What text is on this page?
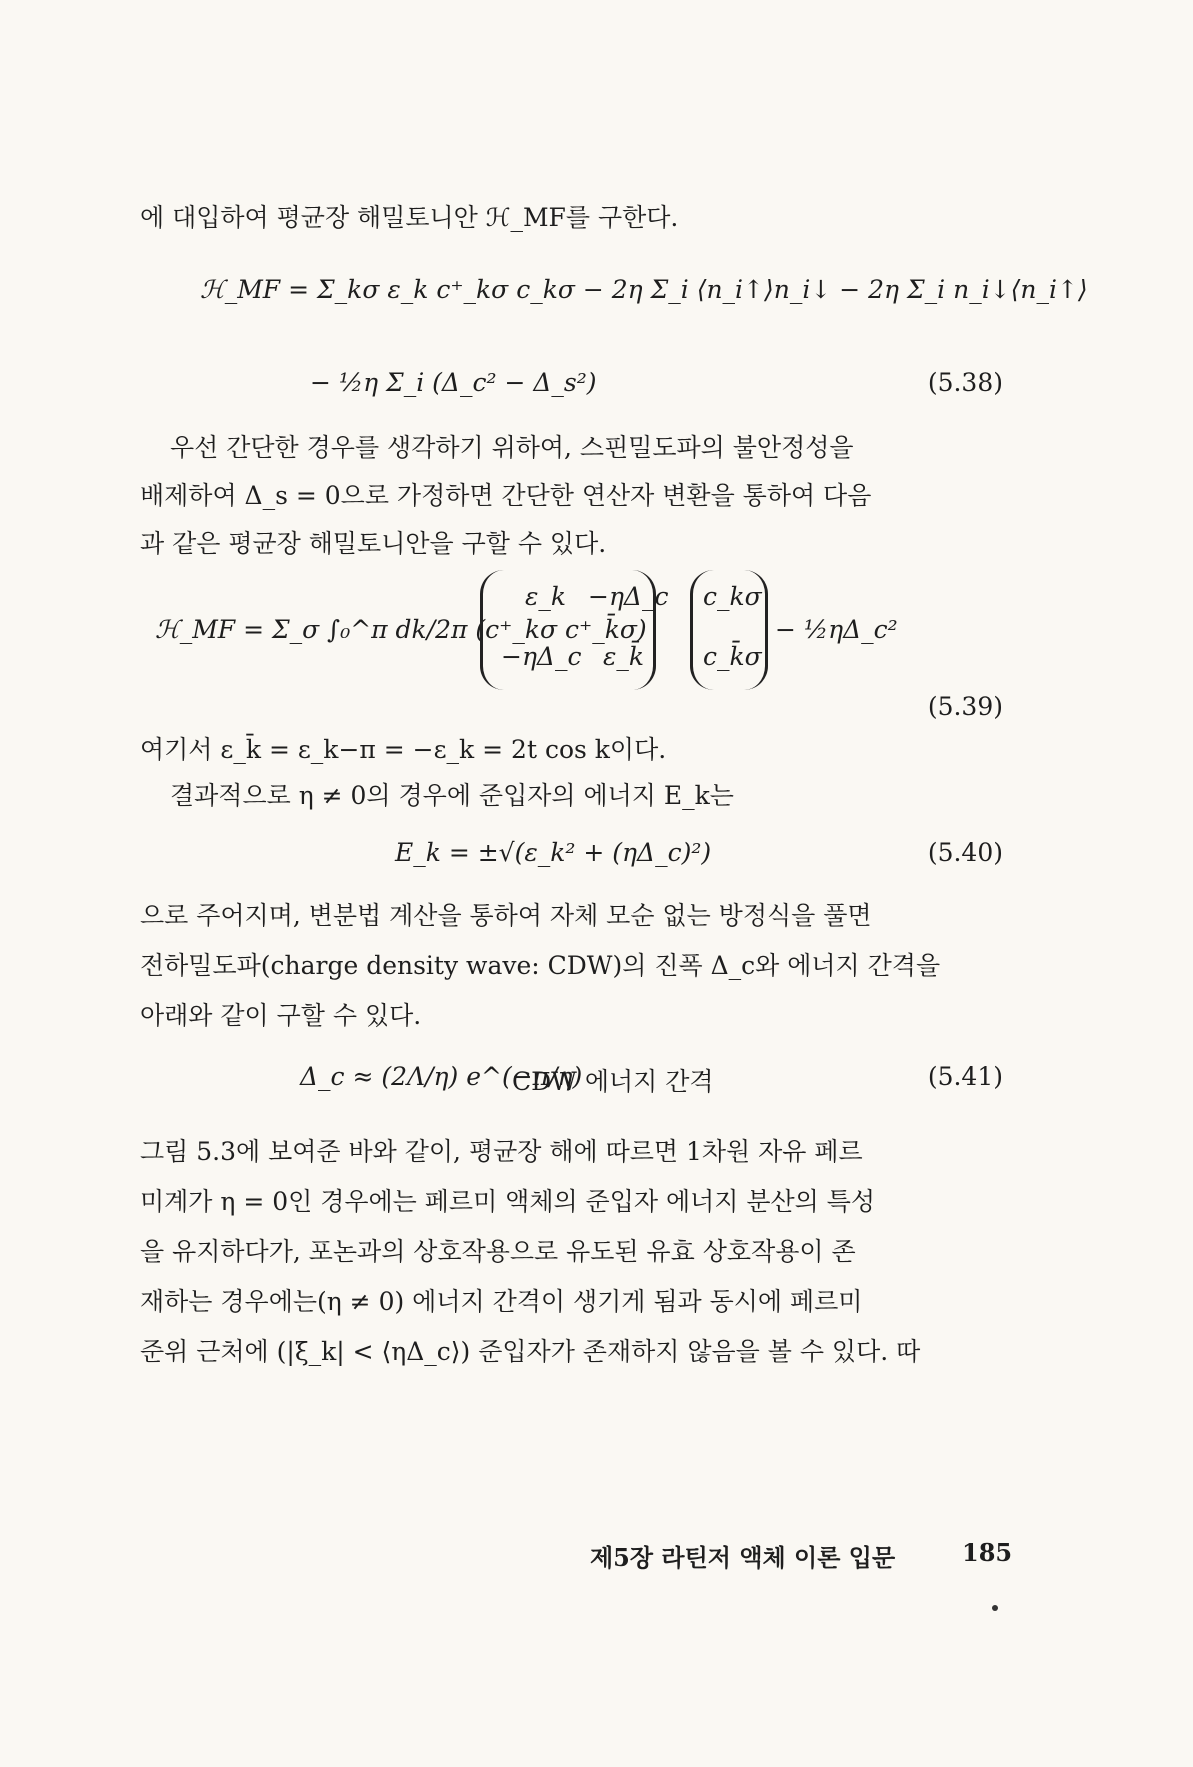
에 대입하여 평균장 해밀토니안 ℋ_MF를 구한다.
ℋ_MF = Σ_kσ ε_k c⁺_kσ c_kσ − 2η Σ_i ⟨n_i↑⟩n_i↓ − 2η Σ_i n_i↓⟨n_i↑⟩
− ½η Σ_i (Δ_c² − Δ_s²)	(5.38)
우선 간단한 경우를 생각하기 위하여, 스핀밀도파의 불안정성을
배제하여 Δ_s = 0으로 가정하면 간단한 연산자 변환을 통하여 다음
과 같은 평균장 해밀토니안을 구할 수 있다.
ℋ_MF = Σ_σ ∫₀^π dk/2π (c⁺_kσ c⁺_k̄σ)
ε_k −ηΔ_c
−ηΔ_c ε_k̄
c_kσ
c_k̄σ
− ½ηΔ_c²
(5.39)
여기서 ε_k̄ = ε_k−π = −ε_k = 2t cos k이다.
결과적으로 η ≠ 0의 경우에 준입자의 에너지 E_k는
E_k = ±√(ε_k² + (ηΔ_c)²)	(5.40)
으로 주어지며, 변분법 계산을 통하여 자체 모순 없는 방정식을 풀면
전하밀도파(charge density wave: CDW)의 진폭 Δ_c와 에너지 간격을
아래와 같이 구할 수 있다.
Δ_c ≈ (2Λ/η) e^(−π/η)
CDW 에너지 간격	(5.41)
그림 5.3에 보여준 바와 같이, 평균장 해에 따르면 1차원 자유 페르
미계가 η = 0인 경우에는 페르미 액체의 준입자 에너지 분산의 특성
을 유지하다가, 포논과의 상호작용으로 유도된 유효 상호작용이 존
재하는 경우에는(η ≠ 0) 에너지 간격이 생기게 됨과 동시에 페르미
준위 근처에 (|ξ_k| < ⟨ηΔ_c⟩) 준입자가 존재하지 않음을 볼 수 있다. 따
제5장 라틴저 액체 이론 입문	185
